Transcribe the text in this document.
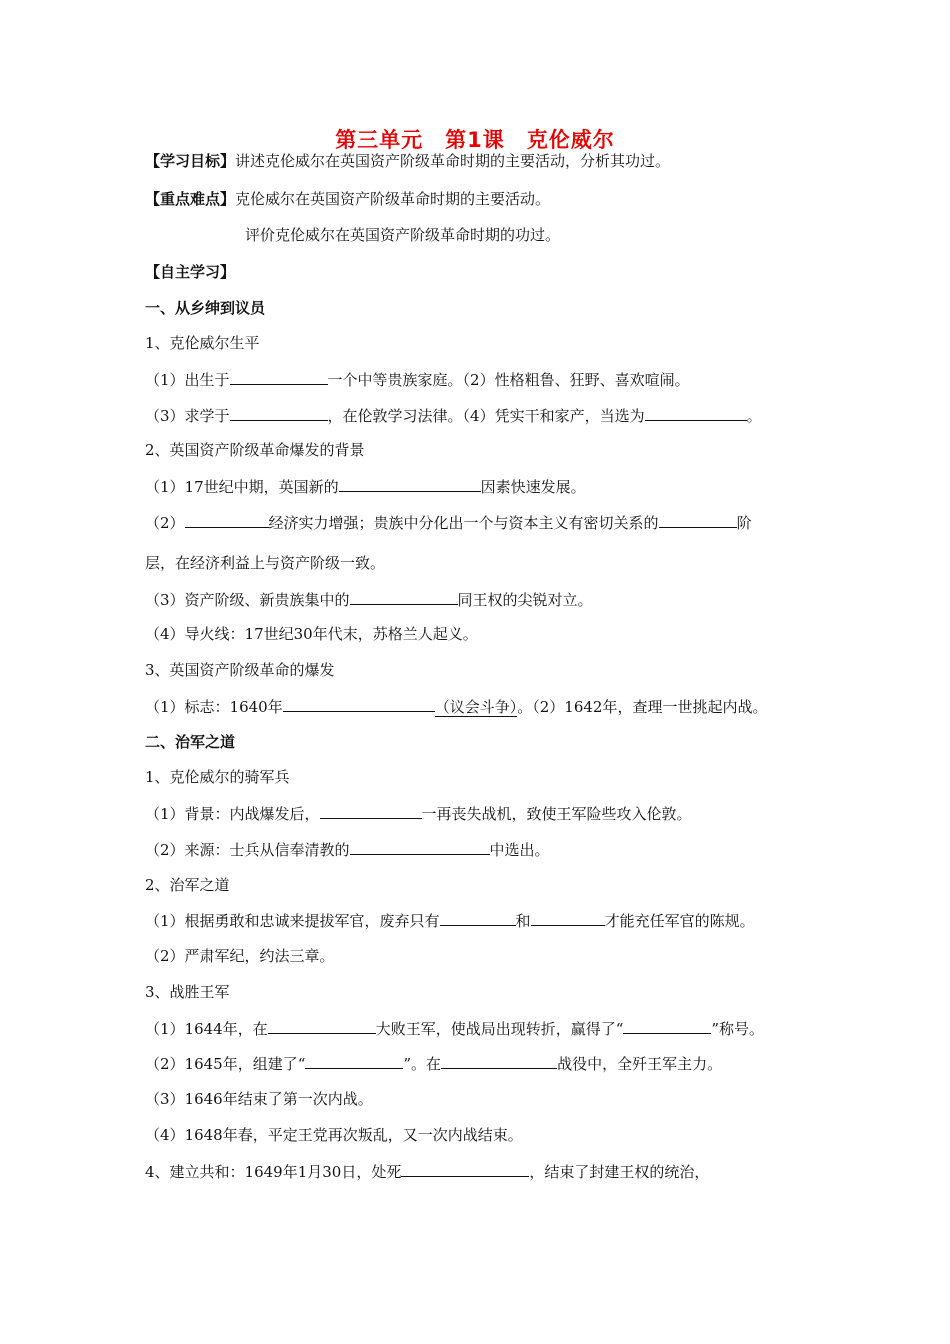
第三单元　第1课　克伦威尔
【学习目标】讲述克伦威尔在英国资产阶级革命时期的主要活动，分析其功过。
【重点难点】克伦威尔在英国资产阶级革命时期的主要活动。
评价克伦威尔在英国资产阶级革命时期的功过。
【自主学习】
一、从乡绅到议员
1、克伦威尔生平
（1）出生于	一个中等贵族家庭。（2）性格粗鲁、狂野、喜欢喧闹。
（3）求学于	，在伦敦学习法律。（4）凭实干和家产，当选为	。
2、英国资产阶级革命爆发的背景
（1）17世纪中期，英国新的	因素快速发展。
（2）	经济实力增强；贵族中分化出一个与资本主义有密切关系的	阶
层，在经济利益上与资产阶级一致。
（3）资产阶级、新贵族集中的	同王权的尖锐对立。
（4）导火线：17世纪30年代末，苏格兰人起义。
3、英国资产阶级革命的爆发
（1）标志：1640年	（议会斗争）。（2）1642年，查理一世挑起内战。
二、治军之道
1、克伦威尔的骑军兵
（1）背景：内战爆发后，	一再丧失战机，致使王军险些攻入伦敦。
（2）来源：士兵从信奉清教的	中选出。
2、治军之道
（1）根据勇敢和忠诚来提拔军官，废弃只有	和	才能充任军官的陈规。
（2）严肃军纪，约法三章。
3、战胜王军
（1）1644年，在	大败王军，使战局出现转折，赢得了“	”称号。
（2）1645年，组建了“	”。在	战役中，全歼王军主力。
（3）1646年结束了第一次内战。
（4）1648年春，平定王党再次叛乱，又一次内战结束。
4、建立共和：1649年1月30日，处死	，结束了封建王权的统治，
